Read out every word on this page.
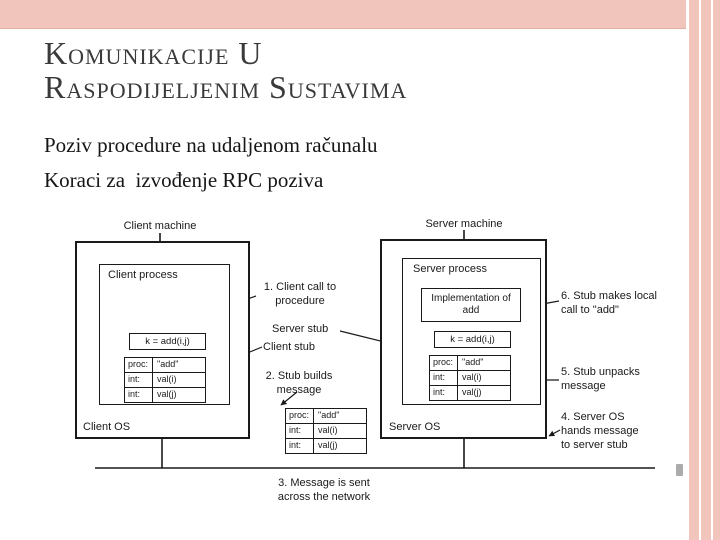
Komunikacije U
Raspodijeljenim Sustavima
Poziv procedure na udaljenom računalu
Koraci za  izvođenje RPC poziva
Client machine	Server machine
Client process
k = add(i,j)
proc: "add"
int:	val(i)
int:	val(j)
Client OS
Server process
Implementation of add
k = add(i,j)
proc: "add"
int:	val(i)
int:	val(j)
Server OS
proc: "add"
int:	val(i)
int:	val(j)
1. Client call to procedure
Server stub
Client stub
2. Stub builds message
3. Message is sent across the network
4. Server OS hands message to server stub
5. Stub unpacks message
6. Stub makes local call to "add"
